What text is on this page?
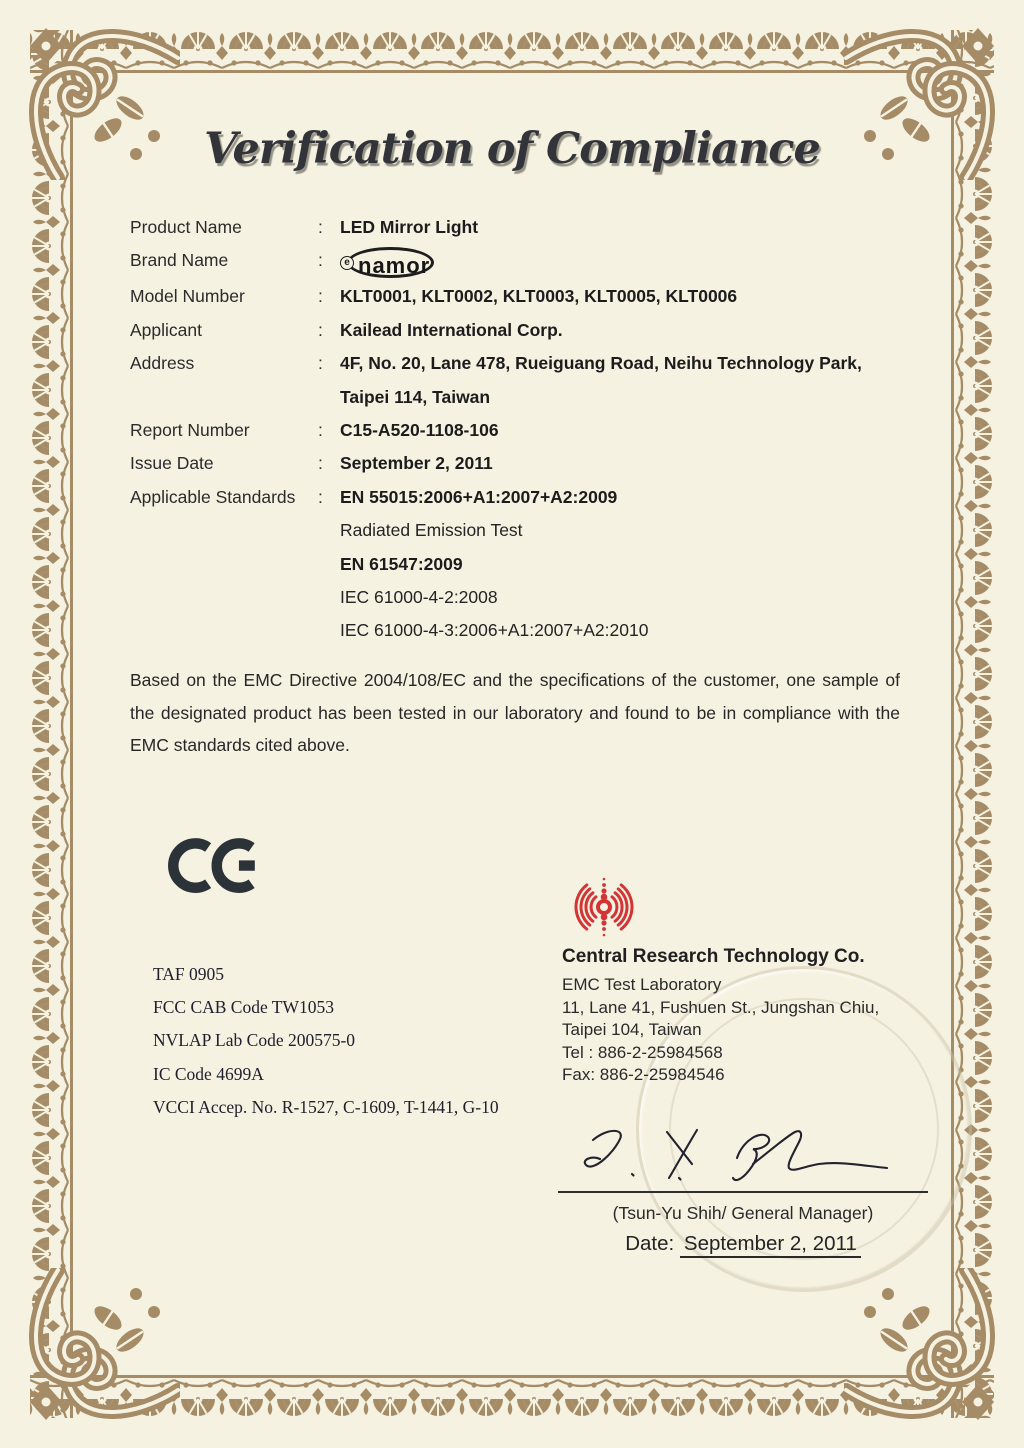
Verification of Compliance
Product Name	: LED Mirror Light
Brand Name	:	e namor
Model Number	: KLT0001, KLT0002, KLT0003, KLT0005, KLT0006
Applicant	: Kailead International Corp.
Address	: 4F, No. 20, Lane 478, Rueiguang Road, Neihu Technology Park,
Taipei 114, Taiwan
Report Number	: C15-A520-1108-106
Issue Date	: September 2, 2011
Applicable Standards	: EN 55015:2006+A1:2007+A2:2009
Radiated Emission Test
EN 61547:2009
IEC 61000-4-2:2008
IEC 61000-4-3:2006+A1:2007+A2:2010
Based on the EMC Directive 2004/108/EC and the specifications of the customer, one sample of the designated product has been tested in our laboratory and found to be in compliance with the EMC standards cited above.
TAF 0905
FCC CAB Code TW1053
NVLAP Lab Code 200575-0
IC Code 4699A
VCCI Accep. No. R-1527, C-1609, T-1441, G-10
Central Research Technology Co.
EMC Test Laboratory
11, Lane 41, Fushuen St., Jungshan Chiu,
Taipei 104, Taiwan
Tel : 886-2-25984568
Fax: 886-2-25984546
(Tsun-Yu Shih/ General Manager)
Date: September 2, 2011
